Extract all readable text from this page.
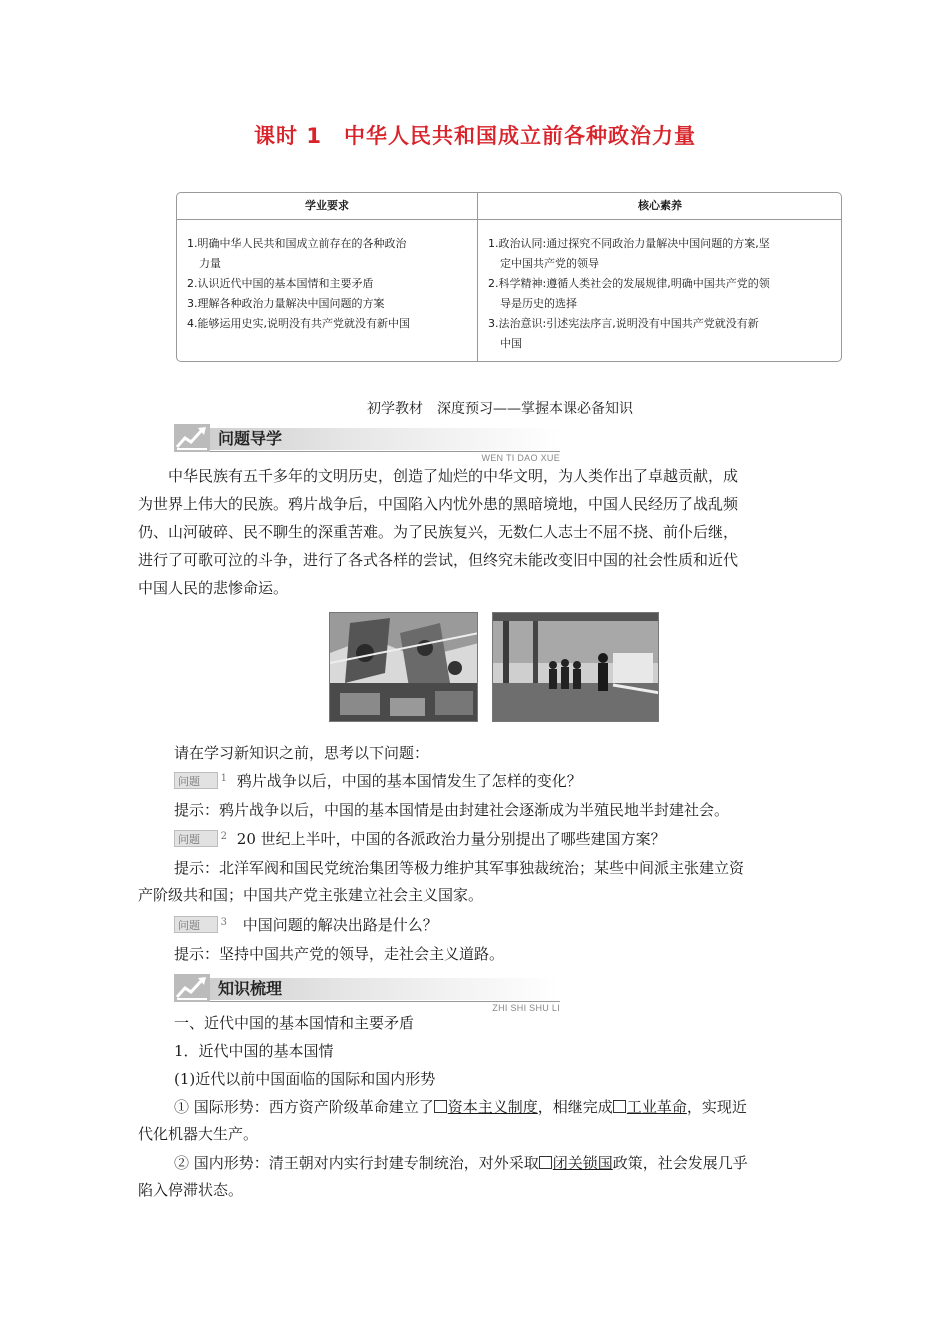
课时 1 中华人民共和国成立前各种政治力量
学业要求
1.明确中华人民共和国成立前存在的各种政治
力量
2.认识近代中国的基本国情和主要矛盾
3.理解各种政治力量解决中国问题的方案
4.能够运用史实,说明没有共产党就没有新中国
核心素养
1.政治认同:通过探究不同政治力量解决中国问题的方案,坚
定中国共产党的领导
2.科学精神:遵循人类社会的发展规律,明确中国共产党的领
导是历史的选择
3.法治意识:引述宪法序言,说明没有中国共产党就没有新
中国
初学教材　深度预习——掌握本课必备知识
问题导学
WEN TI DAO XUE
中华民族有五千多年的文明历史，创造了灿烂的中华文明，为人类作出了卓越贡献，成
为世界上伟大的民族。鸦片战争后，中国陷入内忧外患的黑暗境地，中国人民经历了战乱频
仍、山河破碎、民不聊生的深重苦难。为了民族复兴，无数仁人志士不屈不挠、前仆后继，
进行了可歌可泣的斗争，进行了各式各样的尝试，但终究未能改变旧中国的社会性质和近代
中国人民的悲惨命运。
请在学习新知识之前，思考以下问题：
问题 1 鸦片战争以后，中国的基本国情发生了怎样的变化？
提示：鸦片战争以后，中国的基本国情是由封建社会逐渐成为半殖民地半封建社会。
问题 2 20 世纪上半叶，中国的各派政治力量分别提出了哪些建国方案？
提示：北洋军阀和国民党统治集团等极力维护其军事独裁统治；某些中间派主张建立资
产阶级共和国；中国共产党主张建立社会主义国家。
问题 3 中国问题的解决出路是什么？
提示：坚持中国共产党的领导，走社会主义道路。
知识梳理
ZHI SHI SHU LI
一、近代中国的基本国情和主要矛盾
1．近代中国的基本国情
(1)近代以前中国面临的国际和国内形势
① 国际形势：西方资产阶级革命建立了 资本主义制度，相继完成 工业革命，实现近
代化机器大生产。
② 国内形势：清王朝对内实行封建专制统治，对外采取 闭关锁国政策，社会发展几乎
陷入停滞状态。
